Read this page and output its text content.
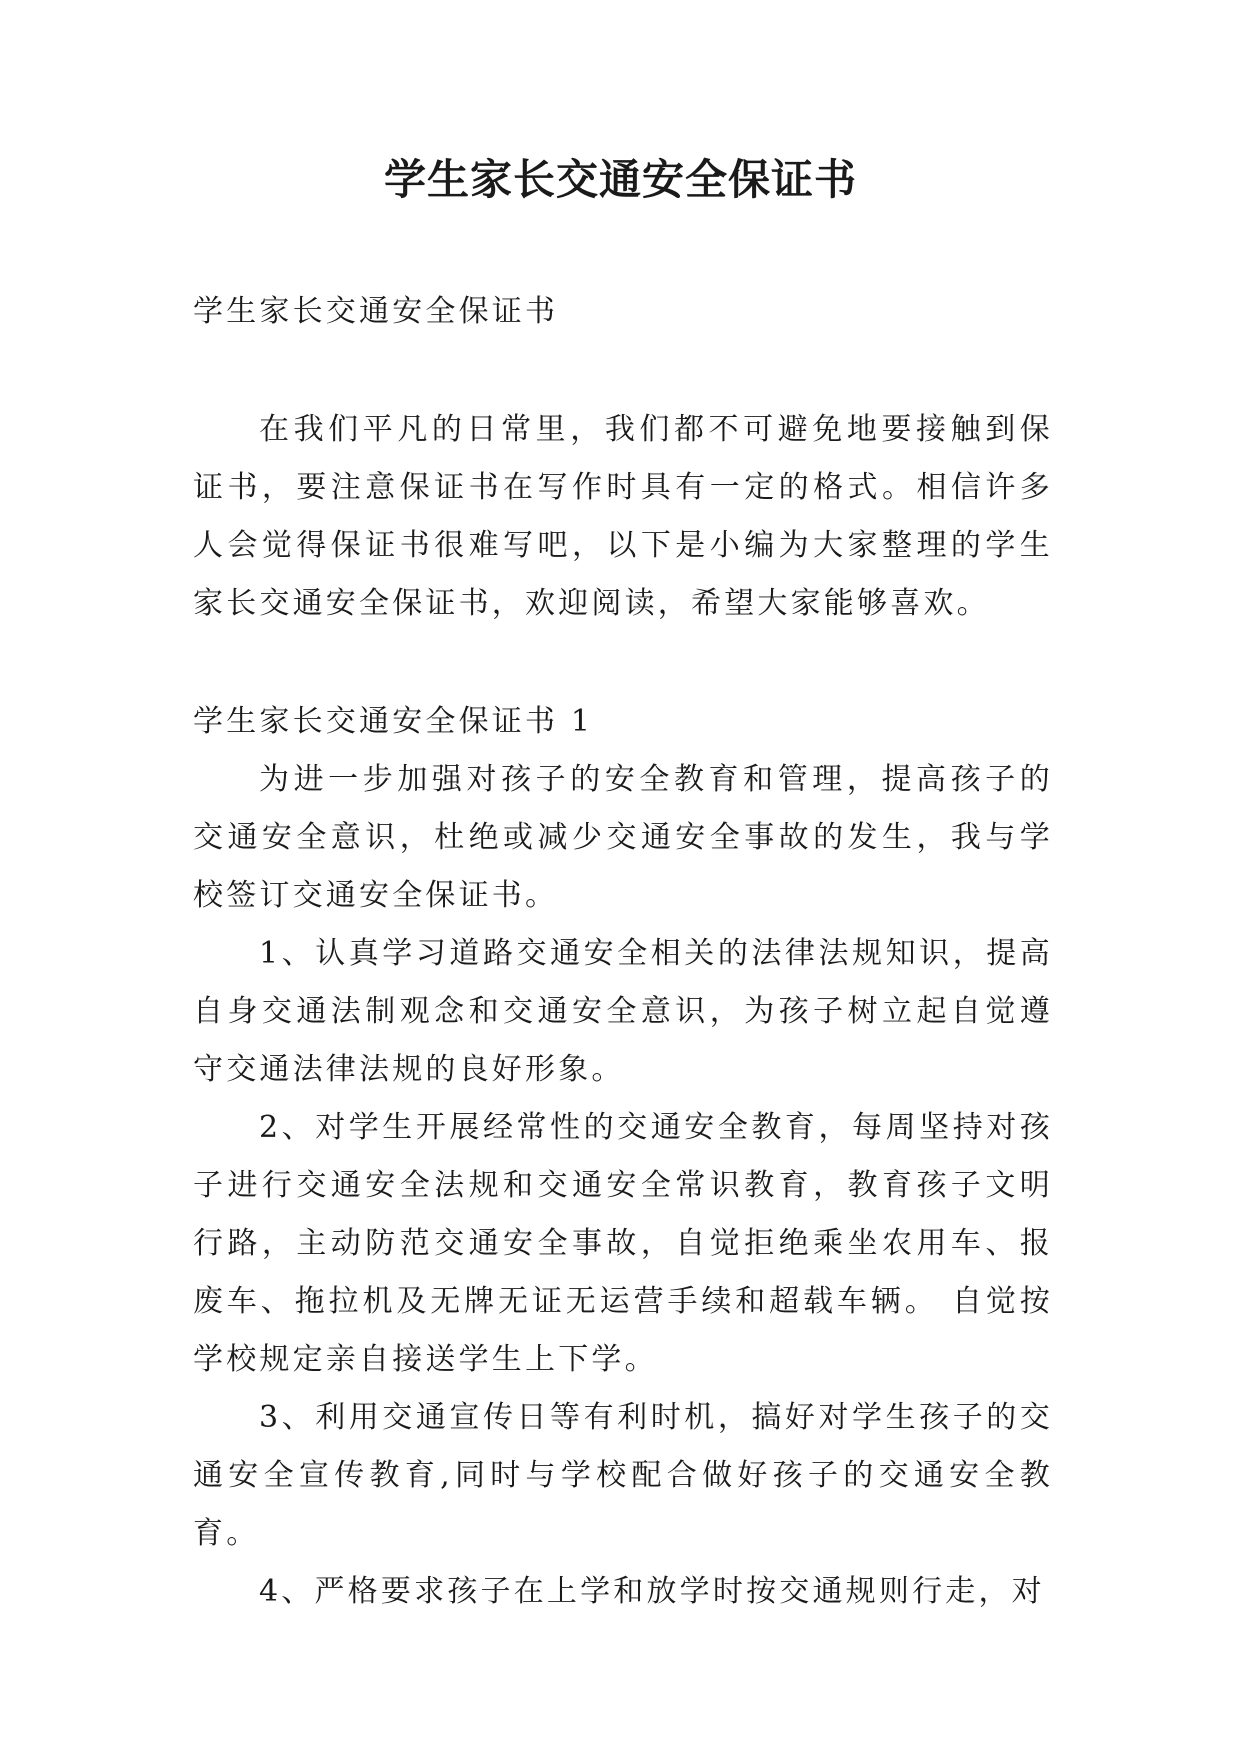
学生家长交通安全保证书

学生家长交通安全保证书

在我们平凡的日常里，我们都不可避免地要接触到保证书，要注意保证书在写作时具有一定的格式。相信许多人会觉得保证书很难写吧，以下是小编为大家整理的学生家长交通安全保证书，欢迎阅读，希望大家能够喜欢。

学生家长交通安全保证书 1

为进一步加强对孩子的安全教育和管理，提高孩子的交通安全意识，杜绝或减少交通安全事故的发生，我与学校签订交通安全保证书。

1、认真学习道路交通安全相关的法律法规知识，提高自身交通法制观念和交通安全意识，为孩子树立起自觉遵守交通法律法规的良好形象。

2、对学生开展经常性的交通安全教育，每周坚持对孩子进行交通安全法规和交通安全常识教育，教育孩子文明行路，主动防范交通安全事故，自觉拒绝乘坐农用车、报废车、拖拉机及无牌无证无运营手续和超载车辆。 自觉按学校规定亲自接送学生上下学。

3、利用交通宣传日等有利时机，搞好对学生孩子的交通安全宣传教育,同时与学校配合做好孩子的交通安全教育。

4、严格要求孩子在上学和放学时按交通规则行走，对
